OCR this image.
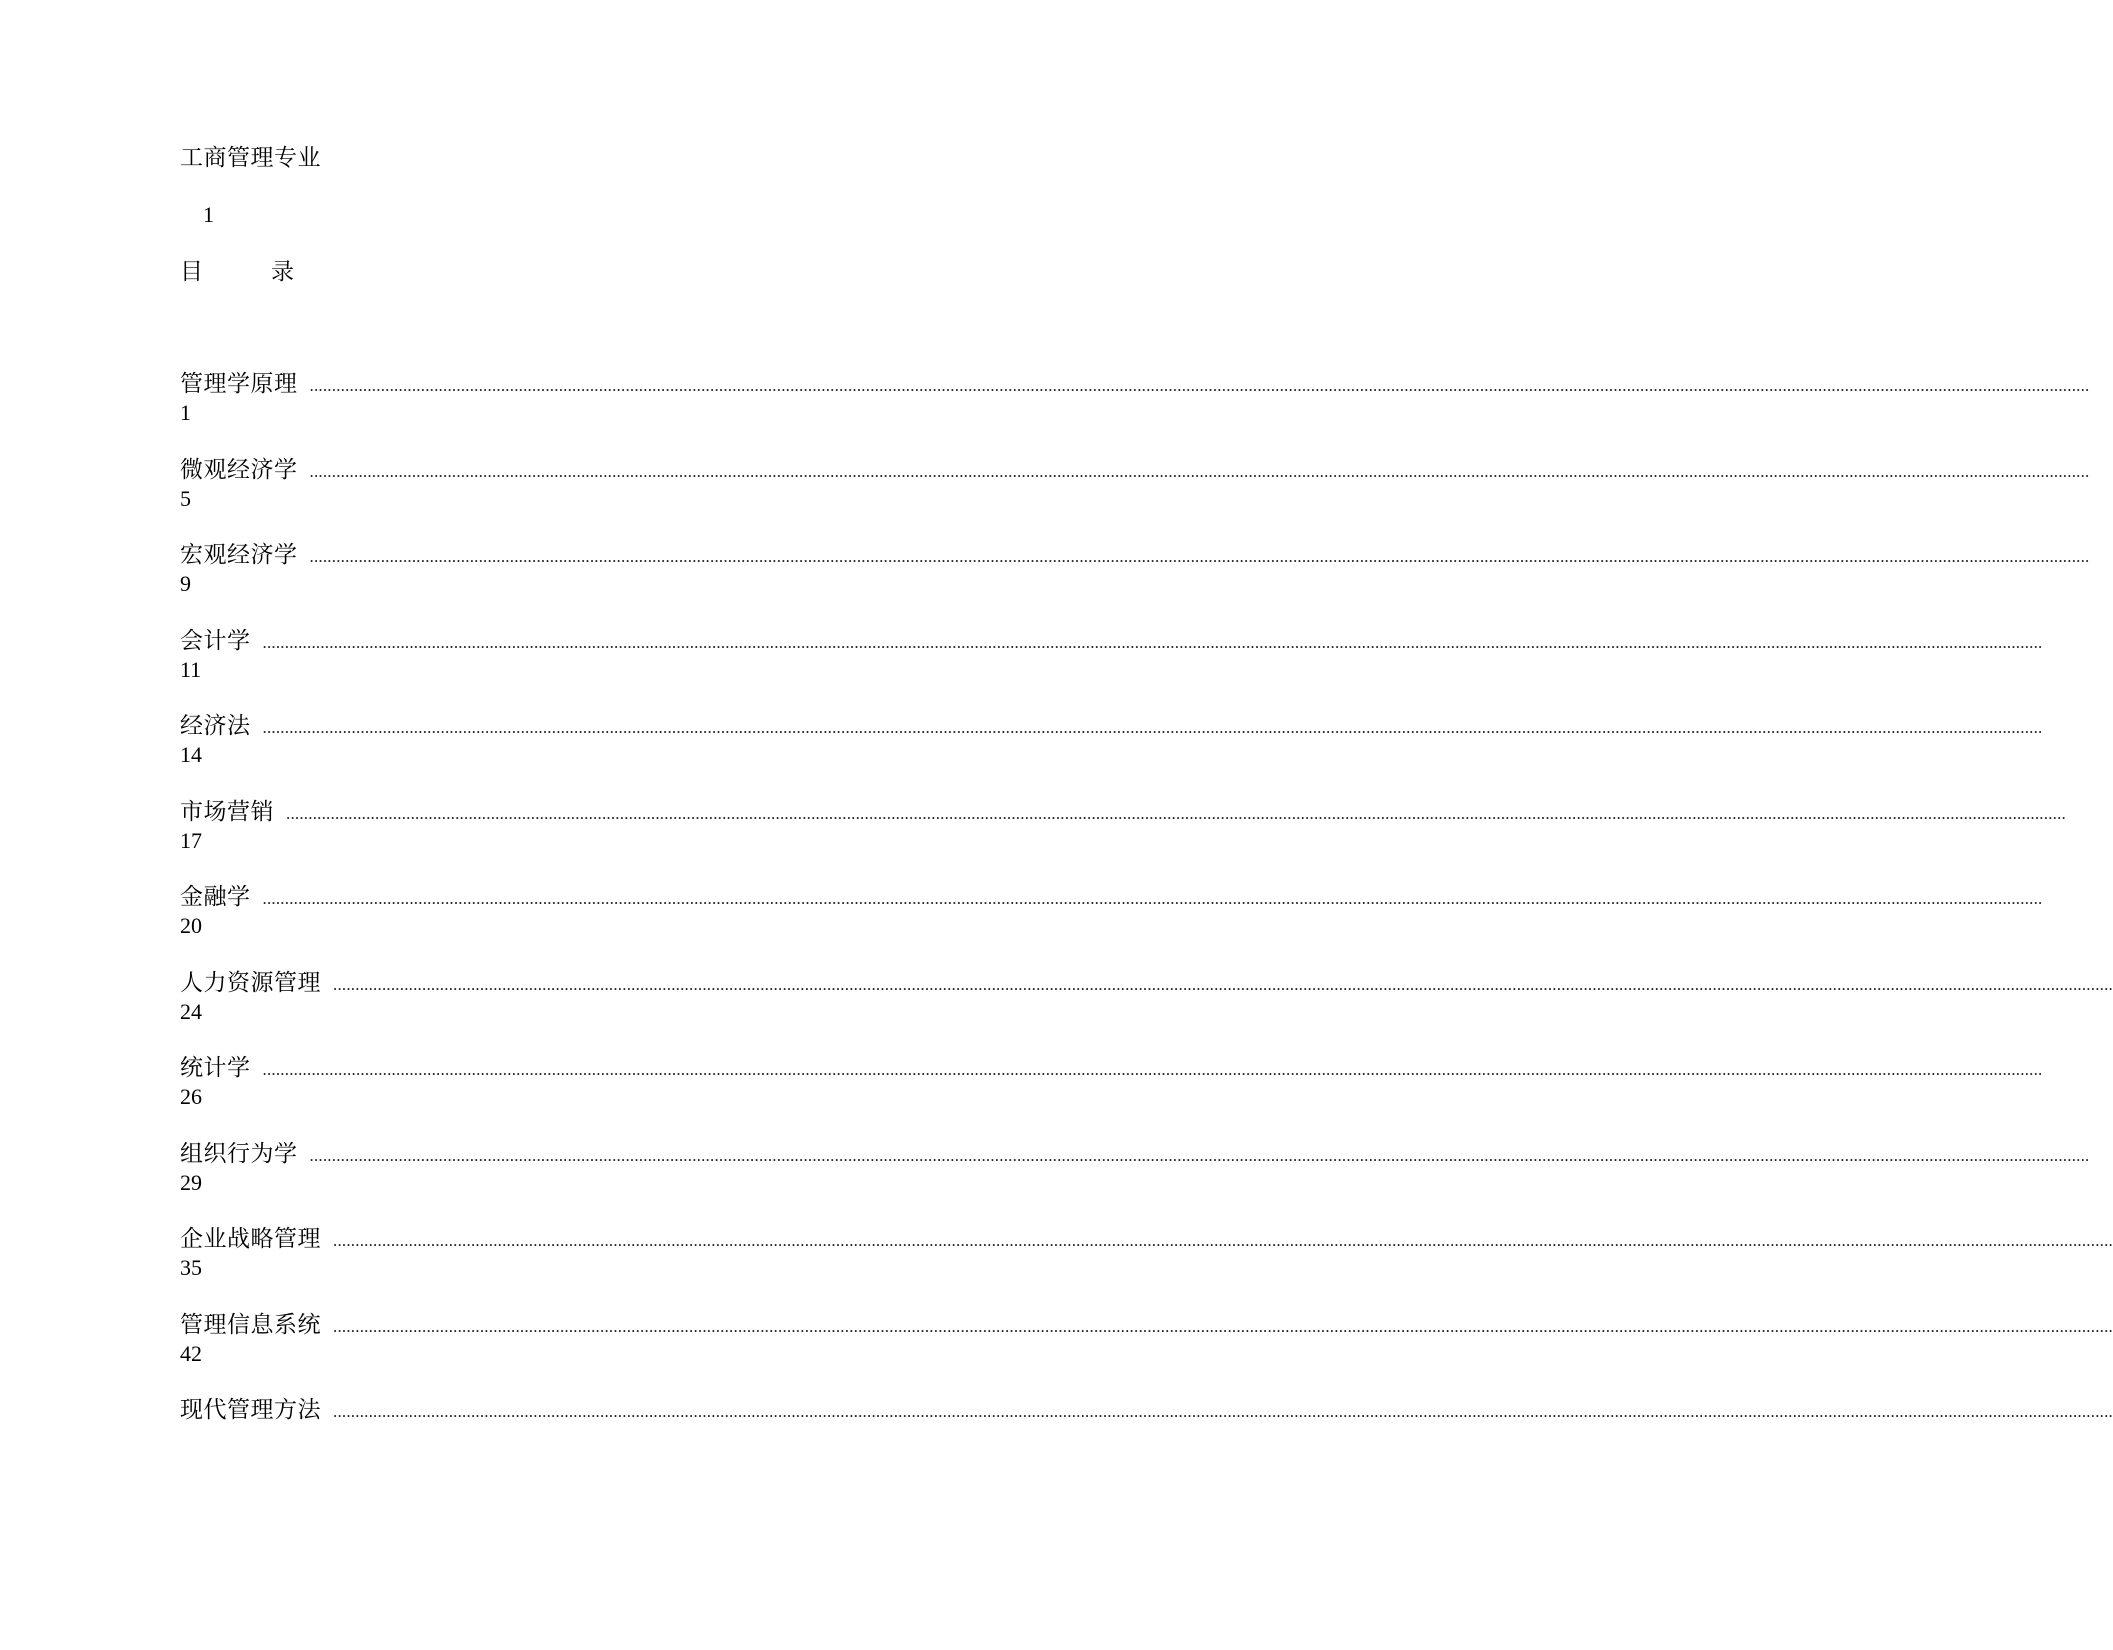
工商管理专业
1
目	录
管理学原理 ................................................................................................................................................................................................................................................................................................................................................................................................................
1
微观经济学 ................................................................................................................................................................................................................................................................................................................................................................................................................
5
宏观经济学 ................................................................................................................................................................................................................................................................................................................................................................................................................
9
会计学 ................................................................................................................................................................................................................................................................................................................................................................................................................
11
经济法 ................................................................................................................................................................................................................................................................................................................................................................................................................
14
市场营销 ................................................................................................................................................................................................................................................................................................................................................................................................................
17
金融学 ................................................................................................................................................................................................................................................................................................................................................................................................................
20
人力资源管理 ................................................................................................................................................................................................................................................................................................................................................................................................................
24
统计学 ................................................................................................................................................................................................................................................................................................................................................................................................................
26
组织行为学 ................................................................................................................................................................................................................................................................................................................................................................................................................
29
企业战略管理 ................................................................................................................................................................................................................................................................................................................................................................................................................
35
管理信息系统 ................................................................................................................................................................................................................................................................................................................................................................................................................
42
现代管理方法 ................................................................................................................................................................................................................................................................................................................................................................................................................
